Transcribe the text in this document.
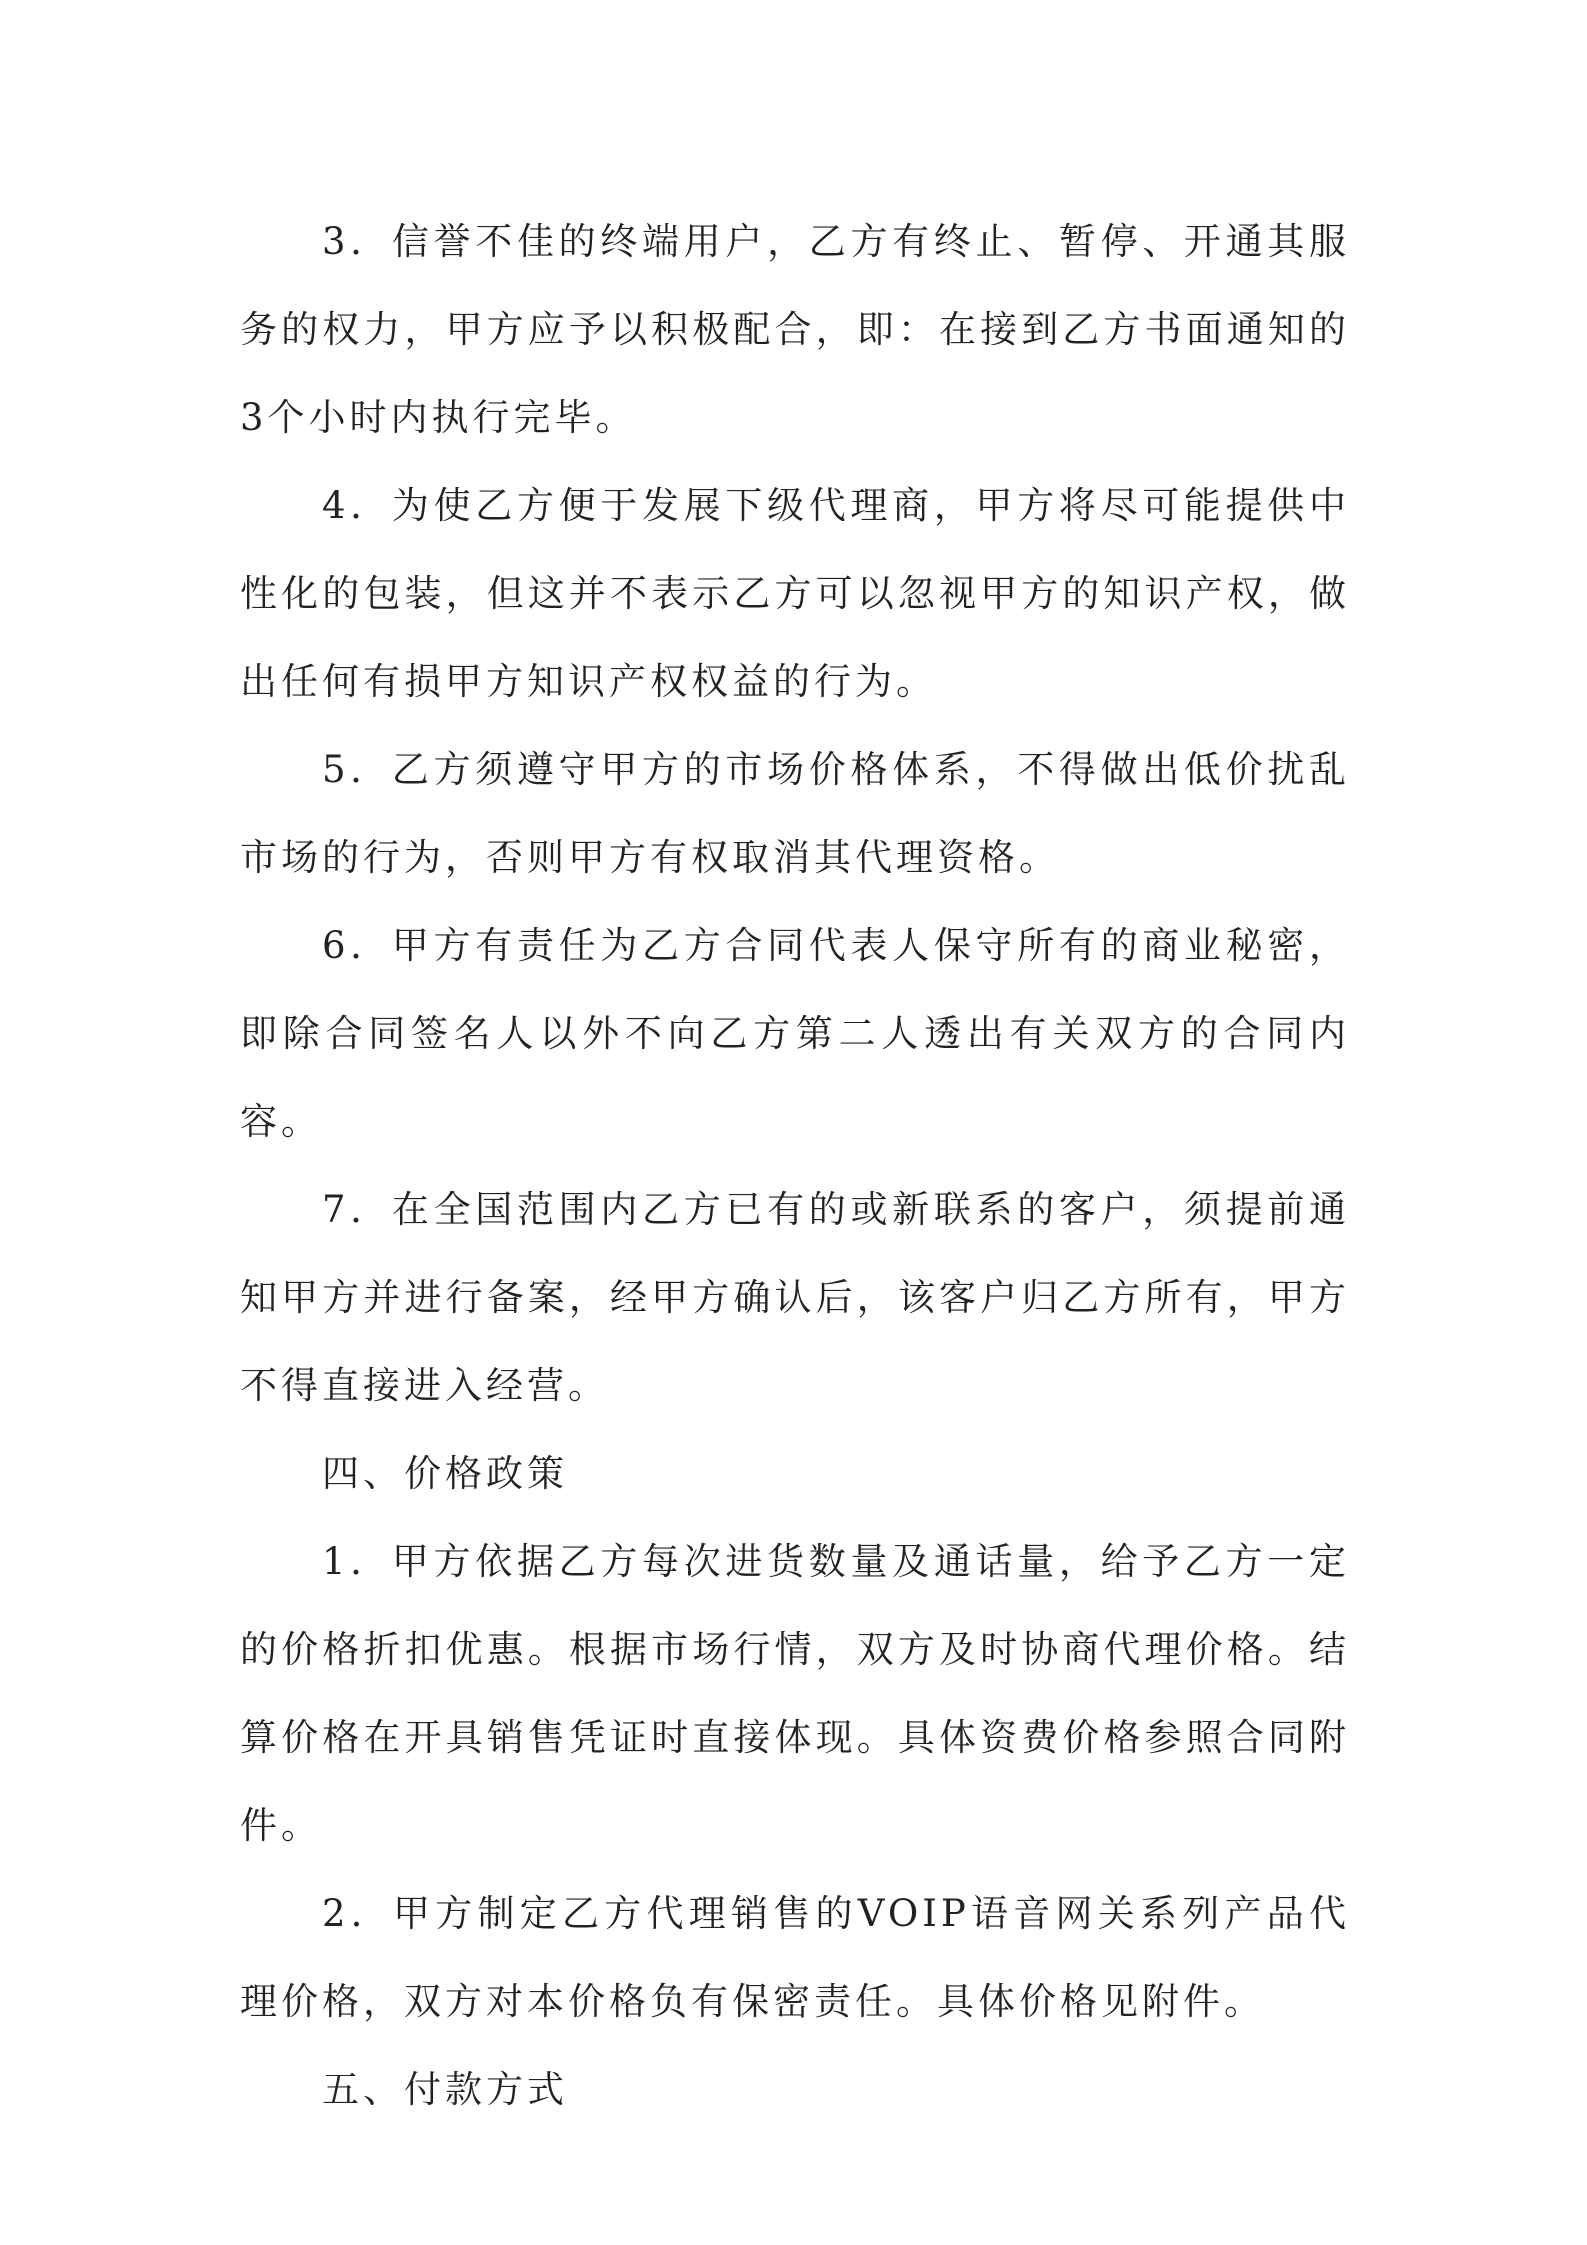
3．信誉不佳的终端用户，乙方有终止、暂停、开通其服务的权力，甲方应予以积极配合，即：在接到乙方书面通知的3个小时内执行完毕。

4．为使乙方便于发展下级代理商，甲方将尽可能提供中性化的包装，但这并不表示乙方可以忽视甲方的知识产权，做出任何有损甲方知识产权权益的行为。

5．乙方须遵守甲方的市场价格体系，不得做出低价扰乱市场的行为，否则甲方有权取消其代理资格。

6．甲方有责任为乙方合同代表人保守所有的商业秘密，即除合同签名人以外不向乙方第二人透出有关双方的合同内容。

7．在全国范围内乙方已有的或新联系的客户，须提前通知甲方并进行备案，经甲方确认后，该客户归乙方所有，甲方不得直接进入经营。

四、价格政策

1．甲方依据乙方每次进货数量及通话量，给予乙方一定的价格折扣优惠。根据市场行情，双方及时协商代理价格。结算价格在开具销售凭证时直接体现。具体资费价格参照合同附件。

2．甲方制定乙方代理销售的VOIP语音网关系列产品代理价格，双方对本价格负有保密责任。具体价格见附件。

五、付款方式
